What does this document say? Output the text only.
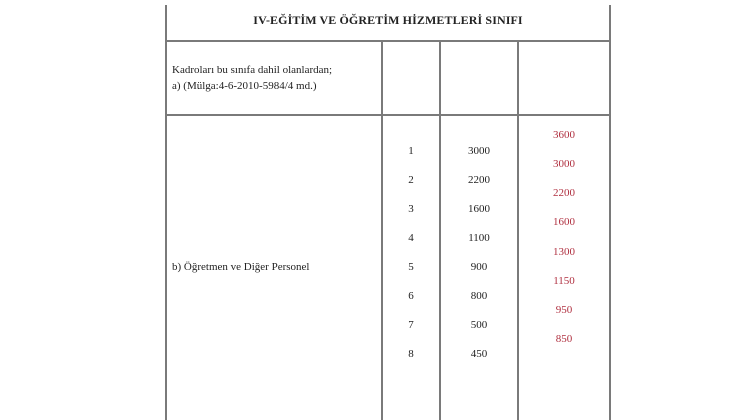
IV-EĞİTİM VE ÖĞRETİM HİZMETLERİ SINIFI
Kadroları bu sınıfa dahil olanlardan;
a) (Mülga:4-6-2010-5984/4 md.)
b) Öğretmen ve Diğer Personel
1
2
3
4
5
6
7
8
3000
2200
1600
1100
900
800
500
450
3600
3000
2200
1600
1300
1150
950
850
